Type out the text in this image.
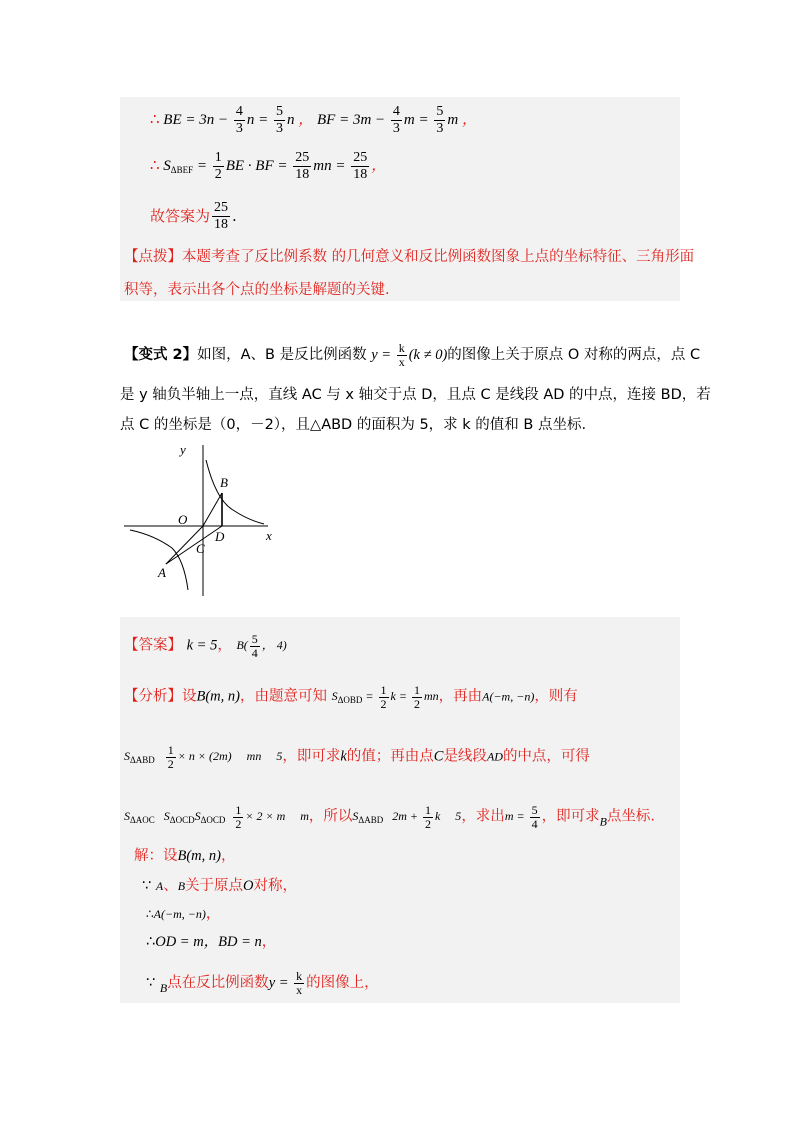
∴ BE = $3n - \frac{4}{3}$ $n = \frac{5}{3}$ n ， BF = $3m - \frac{4}{3}$ $m = \frac{5}{3}$ m ，
∴ $S_{\Delta BEF} = \frac{1}{2}$ BE · BF = $\frac{25}{18}$ mn = $\frac{25}{18}$ ，
故答案为 $\frac{25}{18}$ .
【点拨】本题考查了反比例系数 的几何意义和反比例函数图象上点的坐标特征、三角形面
积等，表示出各个点的坐标是解题的关键.
【变式 2】如图，A、B 是反比例函数 $y = \frac{k}{x} (k \ne 0)$的图像上关于原点 O 对称的两点，点 C
是 y 轴负半轴上一点，直线 AC 与 x 轴交于点 D，且点 C 是线段 AD 的中点，连接 BD，若
点 C 的坐标是（0，－2），且△ABD 的面积为 5，求 k 的值和 B 点坐标.
y
x
O
B
D
C
A
【答案】 k = 5， $B( \frac{5}{4}$ ， 4)
【分析】设B(m, n)，由题意可知 $S_{\Delta OBD} = \frac{1}{2}$ $k = \frac{1}{2}$ mn，再由A(−m, −n)，则有
$S_{\Delta ABD} \frac{1}{2} \times n \times (2m)$     mn     5，即可求k的值；再由点C是线段AD的中点，可得
$S_{\Delta AOC}$ $S_{\Delta OCD}S_{\Delta OCD} \frac{1}{2} \times 2 \times m$     m，所以$S_{\Delta ABD}$ $2m + \frac{1}{2}$ k     5，求出$m = \frac{5}{4}$ ，即可求$_B$点坐标.
解：设B(m, n)，
∵ A、B关于原点O对称，
∴A(−m, −n)，
∴OD = m，BD = n，
∵ $_B$点在反比例函数$y = \frac{k}{x}$ 的图像上，
